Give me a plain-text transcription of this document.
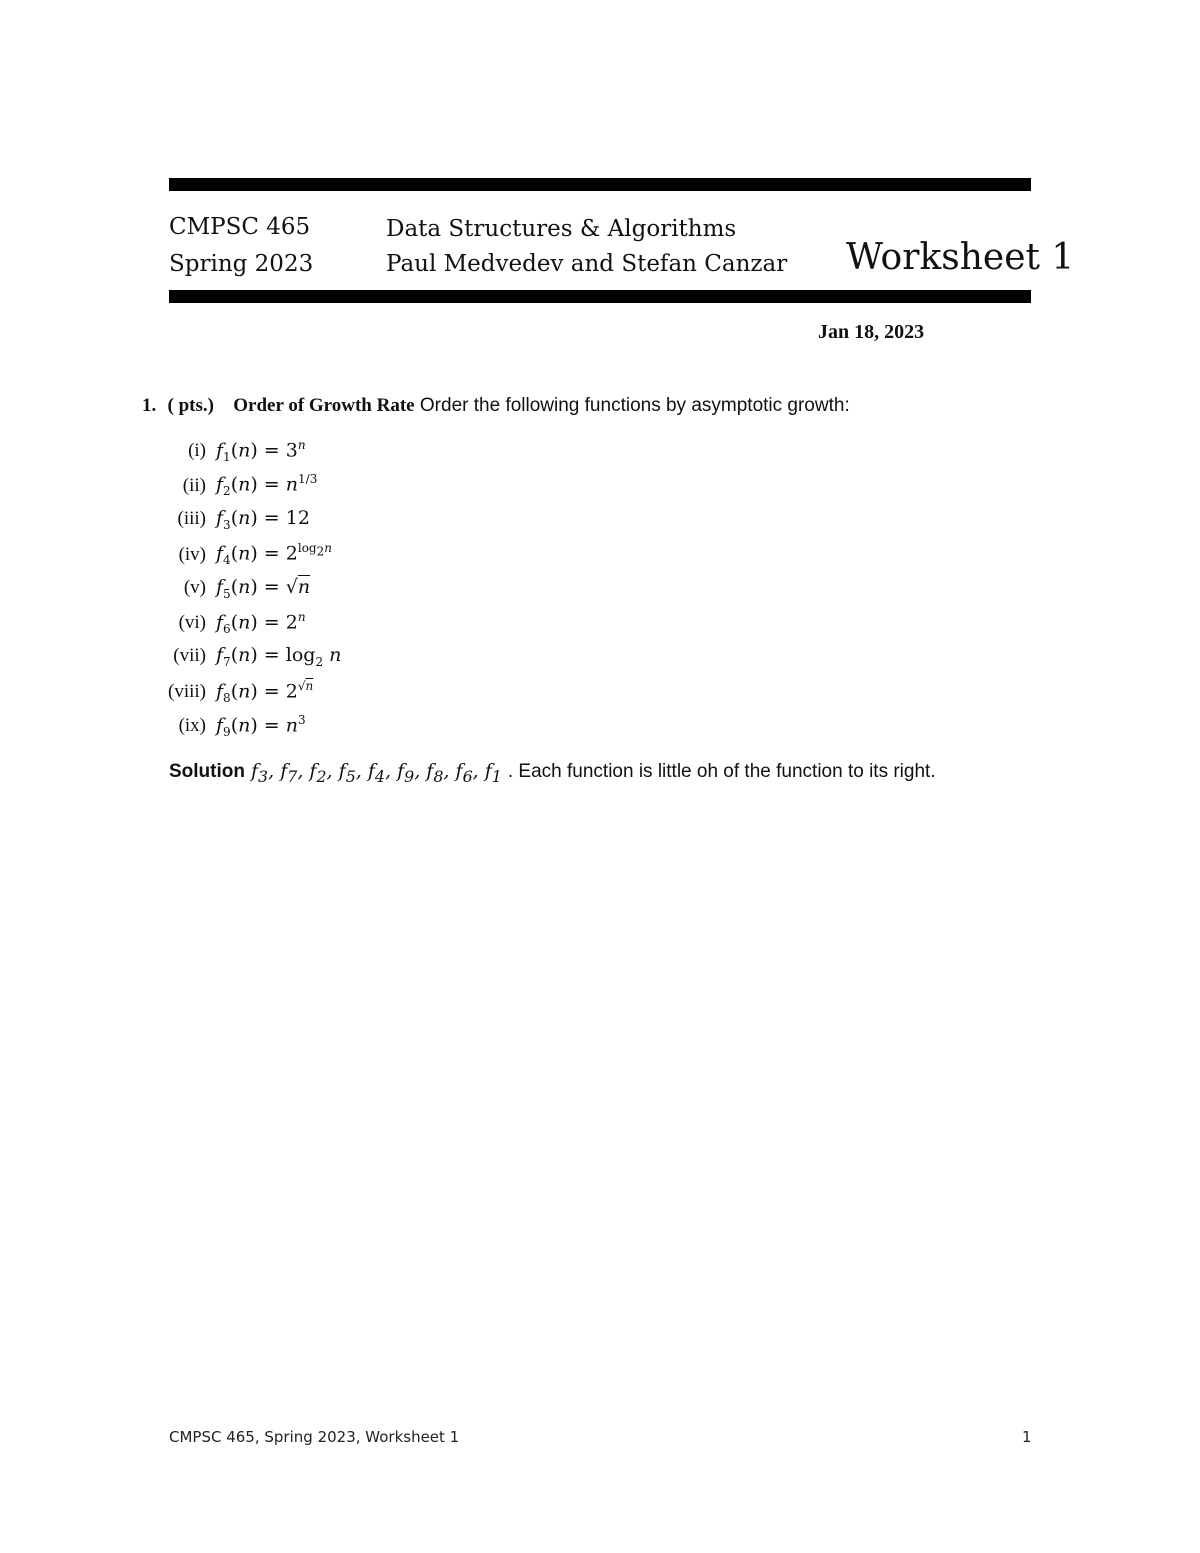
CMPSC 465
Spring 2023
Data Structures & Algorithms
Paul Medvedev and Stefan Canzar Worksheet 1
Jan 18, 2023
1. ( pts.) Order of Growth Rate Order the following functions by asymptotic growth:
(i) $f_1(n) = 3^n$
(ii) $f_2(n) = n^{1/3}$
(iii) $f_3(n) = 12$
(iv) $f_4(n) = 2^{log_2n}$
(v) $f_5(n) = √n$
(vi) $f_6(n) = 2^n$
(vii) $f_7(n) = \log_2 n$
(viii) $f_8(n) = 2^{√n}$
(ix) $f_9(n) = n^3$
Solution $f_3$, $f_7$, $f_2$, $f_5$, $f_4$, $f_9$, $f_8$, $f_6$, $f_1$ . Each function is little oh of the function to its right.
CMPSC 465, Spring 2023, Worksheet 1	1
